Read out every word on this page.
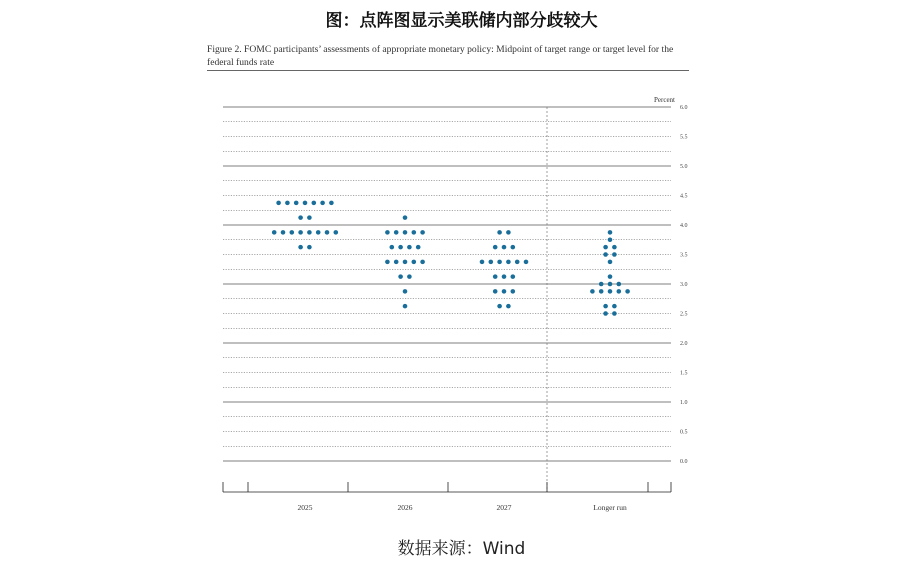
图：点阵图显示美联储内部分歧较大
Figure 2. FOMC participants’ assessments of appropriate monetary policy: Midpoint of target range or target level for the federal funds rate
0.0
0.5
1.0
1.5
2.0
2.5
3.0
3.5
4.0
4.5
5.0
5.5
6.0
Percent
2025	2026	2027	Longer run
数据来源：Wind
